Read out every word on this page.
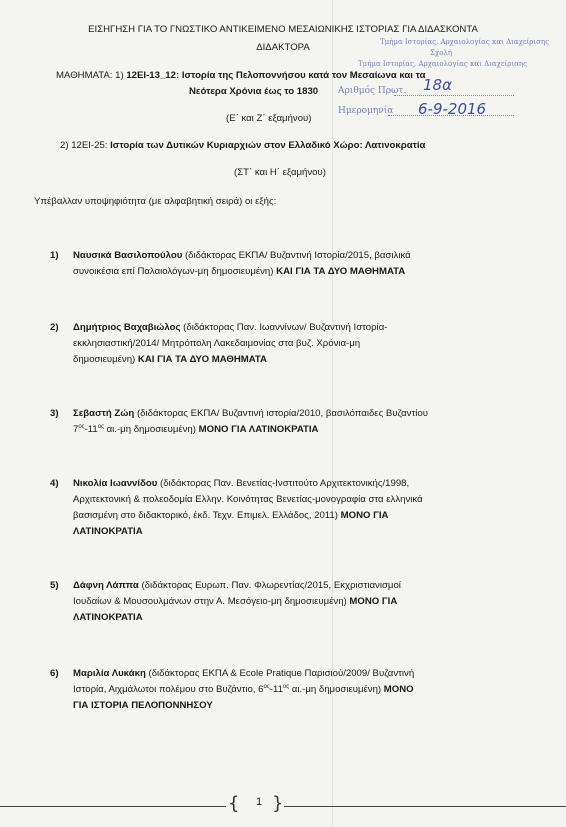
ΕΙΣΗΓΗΣΗ ΓΙΑ ΤΟ ΓΝΩΣΤΙΚΟ ΑΝΤΙΚΕΙΜΕΝΟ ΜΕΣΑΙΩΝΙΚΗΣ ΙΣΤΟΡΙΑΣ ΓΙΑ ΔΙΔΑΣΚΟΝΤΑ
ΔΙΔΑΚΤΟΡΑ
ΜΑΘΗΜΑΤΑ: 1) 12ΕΙ-13_12: Ιστορία της Πελοποννήσου κατά τον Μεσαίωνα και τα
Νεότερα Χρόνια έως το 1830
(Ε΄ και Ζ΄ εξαμήνου)
2) 12ΕΙ-25: Ιστορία των Δυτικών Κυριαρχιών στον Ελλαδικό Χώρο: Λατινοκρατία
(ΣΤ΄ και Η΄ εξαμήνου)
Υπέβαλλαν υποψηφιότητα (με αλφαβητική σειρά) οι εξής:
1) Ναυσικά Βασιλοπούλου (διδάκτορας ΕΚΠΑ/ Βυζαντινή Ιστορία/2015, βασιλικά
συνοικέσια επί Παλαιολόγων-μη δημοσιευμένη) ΚΑΙ ΓΙΑ ΤΑ ΔΥΟ ΜΑΘΗΜΑΤΑ
2) Δημήτριος Βαχαβιώλος (διδάκτορας Παν. Ιωαννίνων/ Βυζαντινή Ιστορία-
εκκλησιαστική/2014/ Μητρόπολη Λακεδαιμονίας στα βυζ. Χρόνια-μη
δημοσιευμένη) ΚΑΙ ΓΙΑ ΤΑ ΔΥΟ ΜΑΘΗΜΑΤΑ
3) Σεβαστή Ζώη (διδάκτορας ΕΚΠΑ/ Βυζαντινή ιστορία/2010, βασιλόπαιδες Βυζαντίου
$7^{o\varsigma}-11^{o\varsigma}$ αι.-μη δημοσιευμένη) ΜΟΝΟ ΓΙΑ ΛΑΤΙΝΟΚΡΑΤΙΑ
4) Νικολία Ιωαννίδου (διδάκτορας Παν. Βενετίας-Ινστιτούτο Αρχιτεκτονικής/1998,
Αρχιτεκτονική & πολεοδομία Ελλην. Κοινότητας Βενετίας-μονογραφία στα ελληνικά
βασισμένη στο διδακτορικό, έκδ. Τεχν. Επιμελ. Ελλάδος, 2011) ΜΟΝΟ ΓΙΑ
ΛΑΤΙΝΟΚΡΑΤΙΑ
5) Δάφνη Λάππα (διδάκτορας Ευρωπ. Παν. Φλωρεντίας/2015, Εκχριστιανισμοί
Ιουδαίων & Μουσουλμάνων στην Α. Μεσόγειο-μη δημοσιευμένη) ΜΟΝΟ ΓΙΑ
ΛΑΤΙΝΟΚΡΑΤΙΑ
6) Μαριλία Λυκάκη (διδάκτορας ΕΚΠΑ & Ecole Pratique Παρισιού/2009/ Βυζαντινή
Ιστορία, Αιχμάλωτοι πολέμου στο Βυζάντιο, $6^{o\varsigma}-11^{o\varsigma}$ αι.-μη δημοσιευμένη) ΜΟΝΟ
ΓΙΑ ΙΣΤΟΡΙΑ ΠΕΛΟΠΟΝΝΗΣΟΥ
Τμήμα Ιστορίας, Αρχαιολογίας και Διαχείρισης
Σχολή
Τμήμα Ιστορίας, Αρχαιολογίας και Διαχείρισης
Αριθμός Πρωτ.
Ημερομηνία
18α
6-9-2016
{	1 }
